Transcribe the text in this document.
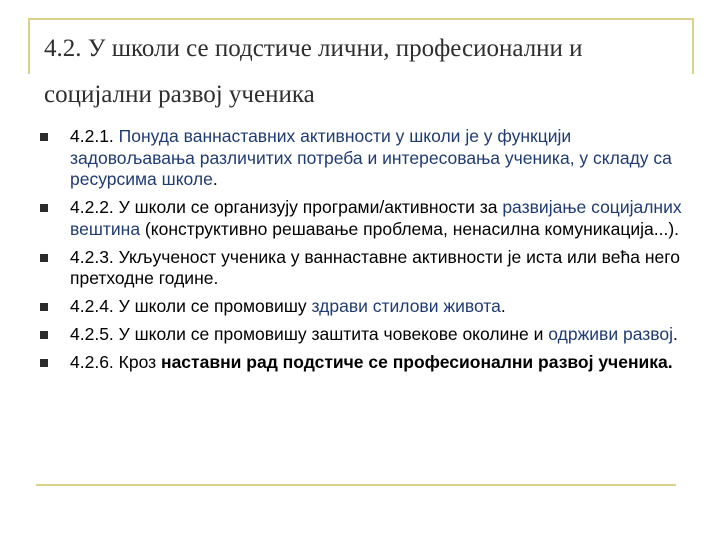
4.2. У школи се подстиче лични, професионални и социјални развој ученика
4.2.1. Понуда ваннаставних активности у школи је у функцији задовољавања различитих потреба и интересовања ученика, у складу са ресурсима школе.
4.2.2. У школи се организују програми/активности за развијање социјалних вештина (конструктивно решавање проблема, ненасилна комуникација...).
4.2.3. Укљученост ученика у ваннаставне активности је иста или већа него претходне године.
4.2.4. У школи се промовишу здрави стилови живота.
4.2.5. У школи се промовишу заштита човекове околине и одрживи развој.
4.2.6. Кроз наставни рад подстиче се професионални развој ученика.
